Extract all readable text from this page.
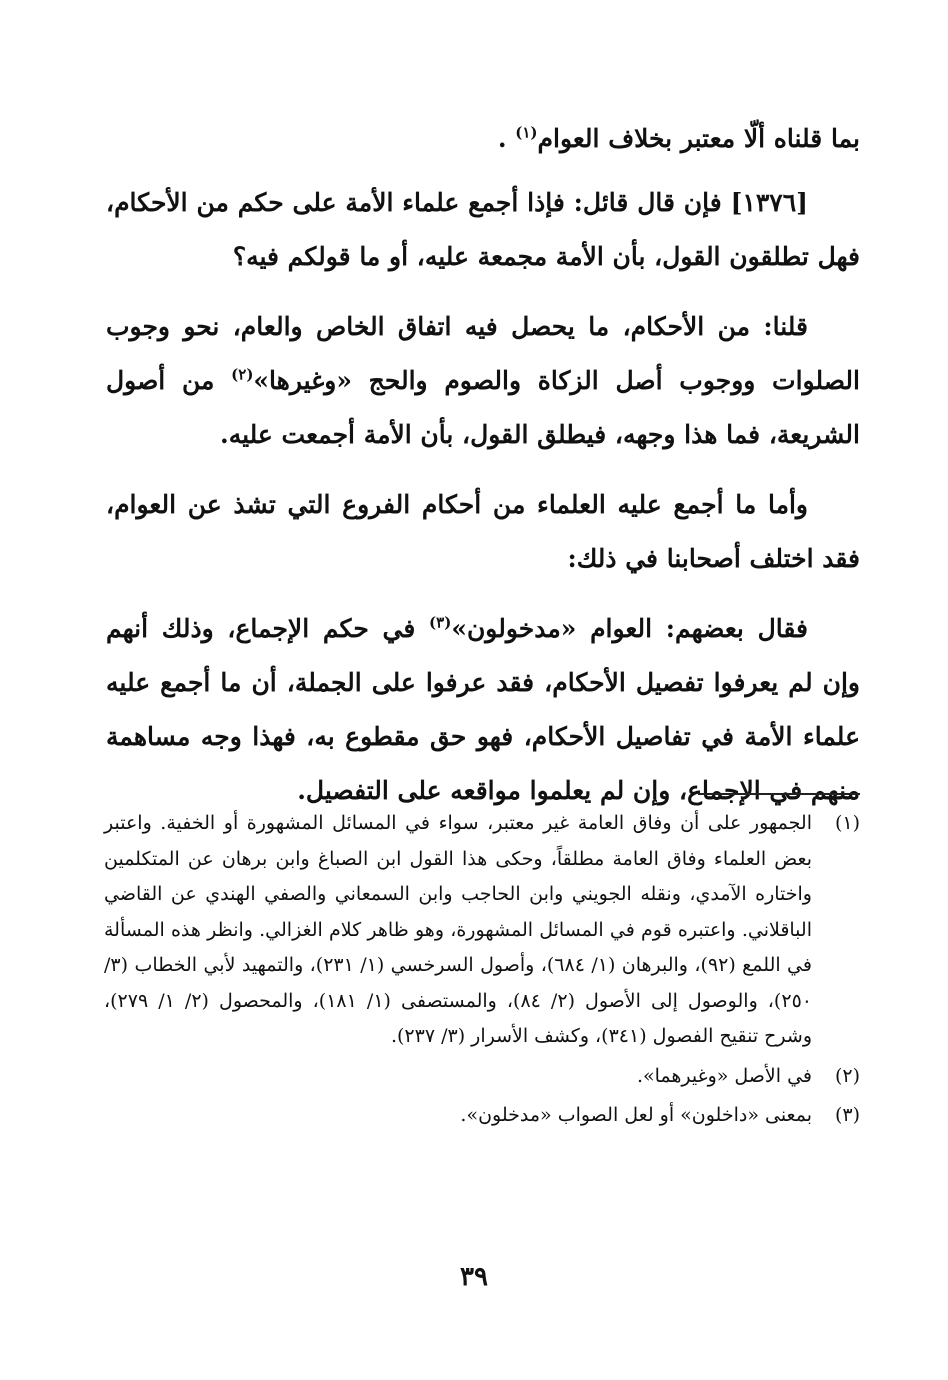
بما قلناه ألّا معتبر بخلاف العوام$^{(١)}$ .

[١٣٧٦] فإن قال قائل: فإذا أجمع علماء الأمة على حكم من الأحكام، فهل تطلقون القول، بأن الأمة مجمعة عليه، أو ما قولكم فيه؟

قلنا: من الأحكام، ما يحصل فيه اتفاق الخاص والعام، نحو وجوب الصلوات ووجوب أصل الزكاة والصوم والحج «وغيرها»$^{(٢)}$ من أصول الشريعة، فما هذا وجهه، فيطلق القول، بأن الأمة أجمعت عليه.

وأما ما أجمع عليه العلماء من أحكام الفروع التي تشذ عن العوام، فقد اختلف أصحابنا في ذلك:

فقال بعضهم: العوام «مدخولون»$^{(٣)}$ في حكم الإجماع، وذلك أنهم وإن لم يعرفوا تفصيل الأحكام، فقد عرفوا على الجملة، أن ما أجمع عليه علماء الأمة في تفاصيل الأحكام، فهو حق مقطوع به، فهذا وجه مساهمة منهم في الإجماع، وإن لم يعلموا مواقعه على التفصيل.

(١)
الجمهور على أن وفاق العامة غير معتبر، سواء في المسائل المشهورة أو الخفية. واعتبر بعض العلماء وفاق العامة مطلقاً، وحكى هذا القول ابن الصباغ وابن برهان عن المتكلمين واختاره الآمدي، ونقله الجويني وابن الحاجب وابن السمعاني والصفي الهندي عن القاضي الباقلاني. واعتبره قوم في المسائل المشهورة، وهو ظاهر كلام الغزالي. وانظر هذه المسألة في اللمع (٩٢)، والبرهان (١/ ٦٨٤)، وأصول السرخسي (١/ ٢٣١)، والتمهيد لأبي الخطاب (٣/ ٢٥٠)، والوصول إلى الأصول (٢/ ٨٤)، والمستصفى (١/ ١٨١)، والمحصول (٢/ ١/ ٢٧٩)، وشرح تنقيح الفصول (٣٤١)، وكشف الأسرار (٣/ ٢٣٧).

(٢)
في الأصل «وغيرهما».

(٣)
بمعنى «داخلون» أو لعل الصواب «مدخلون».

٣٩
